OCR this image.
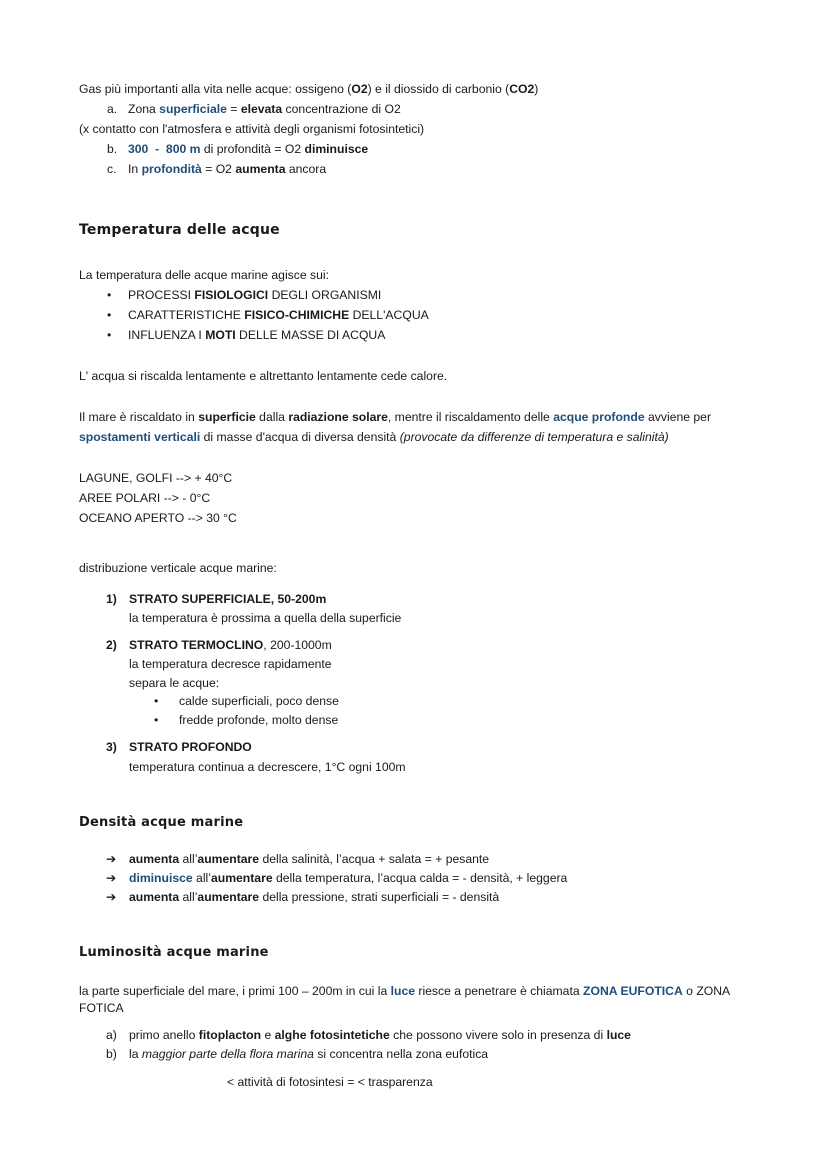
Gas più importanti alla vita nelle acque: ossigeno (O2) e il diossido di carbonio (CO2)
a. Zona superficiale = elevata concentrazione di O2
(x contatto con l'atmosfera e attività degli organismi fotosintetici)
b. 300  -  800 m di profondità = O2 diminuisce
c. In profondità = O2 aumenta ancora
Temperatura delle acque
La temperatura delle acque marine agisce sui:
• PROCESSI FISIOLOGICI DEGLI ORGANISMI
• CARATTERISTICHE FISICO-CHIMICHE DELL'ACQUA
• INFLUENZA I MOTI DELLE MASSE DI ACQUA
L' acqua si riscalda lentamente e altrettanto lentamente cede calore.
Il mare è riscaldato in superficie dalla radiazione solare, mentre il riscaldamento delle acque profonde avviene per
spostamenti verticali di masse d'acqua di diversa densità (provocate da differenze di temperatura e salinità)
LAGUNE, GOLFI --> + 40°C
AREE POLARI --> - 0°C
OCEANO APERTO --> 30 °C
distribuzione verticale acque marine:
1) STRATO SUPERFICIALE, 50-200m
la temperatura è prossima a quella della superficie
2) STRATO TERMOCLINO, 200-1000m
la temperatura decresce rapidamente
separa le acque:
• calde superficiali, poco dense
• fredde profonde, molto dense
3) STRATO PROFONDO
temperatura continua a decrescere, 1°C ogni 100m
Densità acque marine
➔ aumenta all’aumentare della salinità, l’acqua + salata = + pesante
➔ diminuisce all’aumentare della temperatura, l’acqua calda = - densità, + leggera
➔ aumenta all’aumentare della pressione, strati superficiali = - densità
Luminosità acque marine
la parte superficiale del mare, i primi 100 – 200m in cui la luce riesce a penetrare è chiamata ZONA EUFOTICA o ZONA
FOTICA
a) primo anello fitoplacton e alghe fotosintetiche che possono vivere solo in presenza di luce
b) la maggior parte della flora marina si concentra nella zona eufotica
< attività di fotosintesi = < trasparenza
